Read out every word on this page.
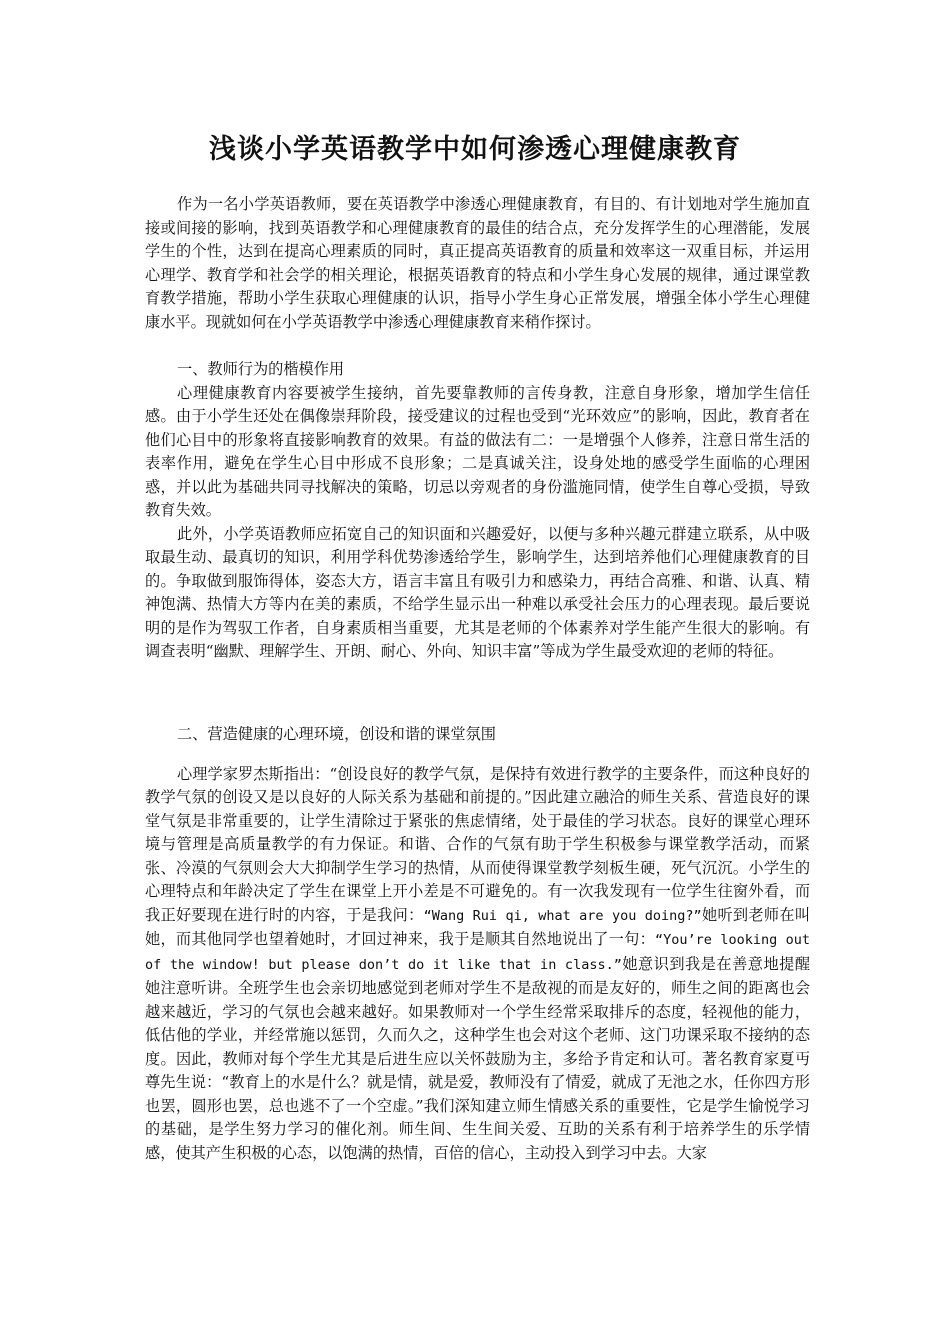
浅谈小学英语教学中如何渗透心理健康教育

作为一名小学英语教师，要在英语教学中渗透心理健康教育，有目的、有计划地对学生施加直接或间接的影响，找到英语教学和心理健康教育的最佳的结合点，充分发挥学生的心理潜能，发展学生的个性，达到在提高心理素质的同时，真正提高英语教育的质量和效率这一双重目标，并运用心理学、教育学和社会学的相关理论，根据英语教育的特点和小学生身心发展的规律，通过课堂教育教学措施，帮助小学生获取心理健康的认识，指导小学生身心正常发展，增强全体小学生心理健康水平。现就如何在小学英语教学中渗透心理健康教育来稍作探讨。

一、教师行为的楷模作用

心理健康教育内容要被学生接纳，首先要靠教师的言传身教，注意自身形象，增加学生信任感。由于小学生还处在偶像崇拜阶段，接受建议的过程也受到“光环效应”的影响，因此，教育者在他们心目中的形象将直接影响教育的效果。有益的做法有二：一是增强个人修养，注意日常生活的表率作用，避免在学生心目中形成不良形象；二是真诚关注，设身处地的感受学生面临的心理困惑，并以此为基础共同寻找解决的策略，切忌以旁观者的身份滥施同情，使学生自尊心受损，导致教育失效。

此外，小学英语教师应拓宽自己的知识面和兴趣爱好，以便与多种兴趣元群建立联系，从中吸取最生动、最真切的知识，利用学科优势渗透给学生，影响学生，达到培养他们心理健康教育的目的。争取做到服饰得体，姿态大方，语言丰富且有吸引力和感染力，再结合高雅、和谐、认真、精神饱满、热情大方等内在美的素质，不给学生显示出一种难以承受社会压力的心理表现。最后要说明的是作为驾驭工作者，自身素质相当重要，尤其是老师的个体素养对学生能产生很大的影响。有调查表明“幽默、理解学生、开朗、耐心、外向、知识丰富”等成为学生最受欢迎的老师的特征。

二、营造健康的心理环境，创设和谐的课堂氛围

心理学家罗杰斯指出：“创设良好的教学气氛，是保持有效进行教学的主要条件，而这种良好的教学气氛的创设又是以良好的人际关系为基础和前提的。”因此建立融洽的师生关系、营造良好的课堂气氛是非常重要的，让学生清除过于紧张的焦虑情绪，处于最佳的学习状态。良好的课堂心理环境与管理是高质量教学的有力保证。和谐、合作的气氛有助于学生积极参与课堂教学活动，而紧张、冷漠的气氛则会大大抑制学生学习的热情，从而使得课堂教学刻板生硬，死气沉沉。小学生的心理特点和年龄决定了学生在课堂上开小差是不可避免的。有一次我发现有一位学生往窗外看，而我正好要现在进行时的内容，于是我问：“Wang Rui qi, what are you doing?”她听到老师在叫她，而其他同学也望着她时，才回过神来，我于是顺其自然地说出了一句：“You’re looking out of the window! but please don’t do it like that in class.”她意识到我是在善意地提醒她注意听讲。全班学生也会亲切地感觉到老师对学生不是敌视的而是友好的，师生之间的距离也会越来越近，学习的气氛也会越来越好。如果教师对一个学生经常采取排斥的态度，轻视他的能力，低估他的学业，并经常施以惩罚，久而久之，这种学生也会对这个老师、这门功课采取不接纳的态度。因此，教师对每个学生尤其是后进生应以关怀鼓励为主，多给予肯定和认可。著名教育家夏丏尊先生说：“教育上的水是什么？就是情，就是爱，教师没有了情爱，就成了无池之水，任你四方形也罢，圆形也罢，总也逃不了一个空虚。”我们深知建立师生情感关系的重要性，它是学生愉悦学习的基础，是学生努力学习的催化剂。师生间、生生间关爱、互助的关系有利于培养学生的乐学情感，使其产生积极的心态，以饱满的热情，百倍的信心，主动投入到学习中去。大家
